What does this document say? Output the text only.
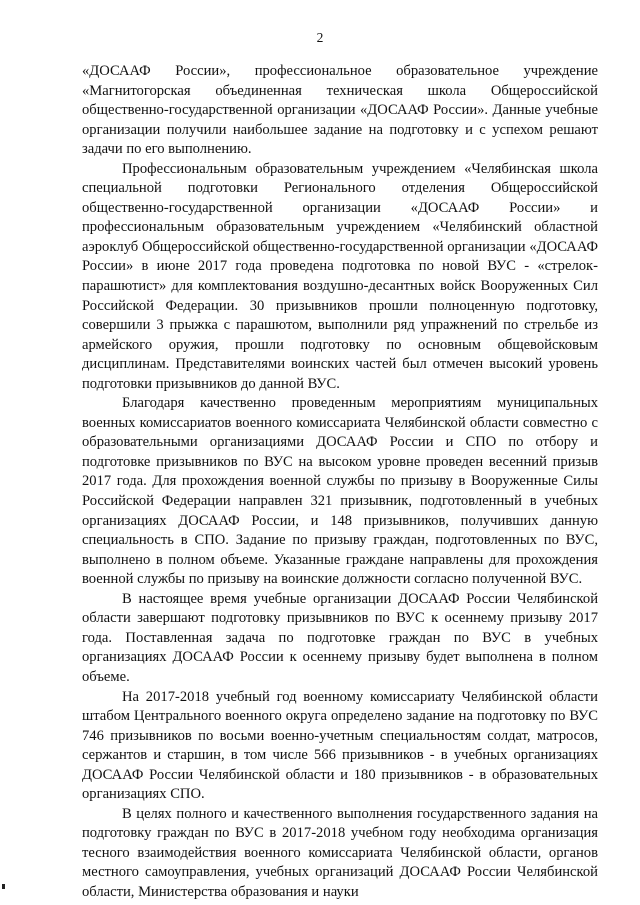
2

«ДОСААФ России», профессиональное образовательное учреждение «Магнитогорская объединенная техническая школа Общероссийской общественно-государственной организации «ДОСААФ России». Данные учебные организации получили наибольшее задание на подготовку и с успехом решают задачи по его выполнению.

Профессиональным образовательным учреждением «Челябинская школа специальной подготовки Регионального отделения Общероссийской общественно-государственной организации «ДОСААФ России» и профессиональным образовательным учреждением «Челябинский областной аэроклуб Общероссийской общественно-государственной организации «ДОСААФ России» в июне 2017 года проведена подготовка по новой ВУС - «стрелок-парашютист» для комплектования воздушно-десантных войск Вооруженных Сил Российской Федерации. 30 призывников прошли полноценную подготовку, совершили 3 прыжка с парашютом, выполнили ряд упражнений по стрельбе из армейского оружия, прошли подготовку по основным общевойсковым дисциплинам. Представителями воинских частей был отмечен высокий уровень подготовки призывников до данной ВУС.

Благодаря качественно проведенным мероприятиям муниципальных военных комиссариатов военного комиссариата Челябинской области совместно с образовательными организациями ДОСААФ России и СПО по отбору и подготовке призывников по ВУС на высоком уровне проведен весенний призыв 2017 года. Для прохождения военной службы по призыву в Вооруженные Силы Российской Федерации направлен 321 призывник, подготовленный в учебных организациях ДОСААФ России, и 148 призывников, получивших данную специальность в СПО. Задание по призыву граждан, подготовленных по ВУС, выполнено в полном объеме. Указанные граждане направлены для прохождения военной службы по призыву на воинские должности согласно полученной ВУС.

В настоящее время учебные организации ДОСААФ России Челябинской области завершают подготовку призывников по ВУС к осеннему призыву 2017 года. Поставленная задача по подготовке граждан по ВУС в учебных организациях ДОСААФ России к осеннему призыву будет выполнена в полном объеме.

На 2017-2018 учебный год военному комиссариату Челябинской области штабом Центрального военного округа определено задание на подготовку по ВУС 746 призывников по восьми военно-учетным специальностям солдат, матросов, сержантов и старшин, в том числе 566 призывников - в учебных организациях ДОСААФ России Челябинской области и 180 призывников - в образовательных организациях СПО.

В целях полного и качественного выполнения государственного задания на подготовку граждан по ВУС в 2017-2018 учебном году необходима организация тесного взаимодействия военного комиссариата Челябинской области, органов местного самоуправления, учебных организаций ДОСААФ России Челябинской области, Министерства образования и науки
